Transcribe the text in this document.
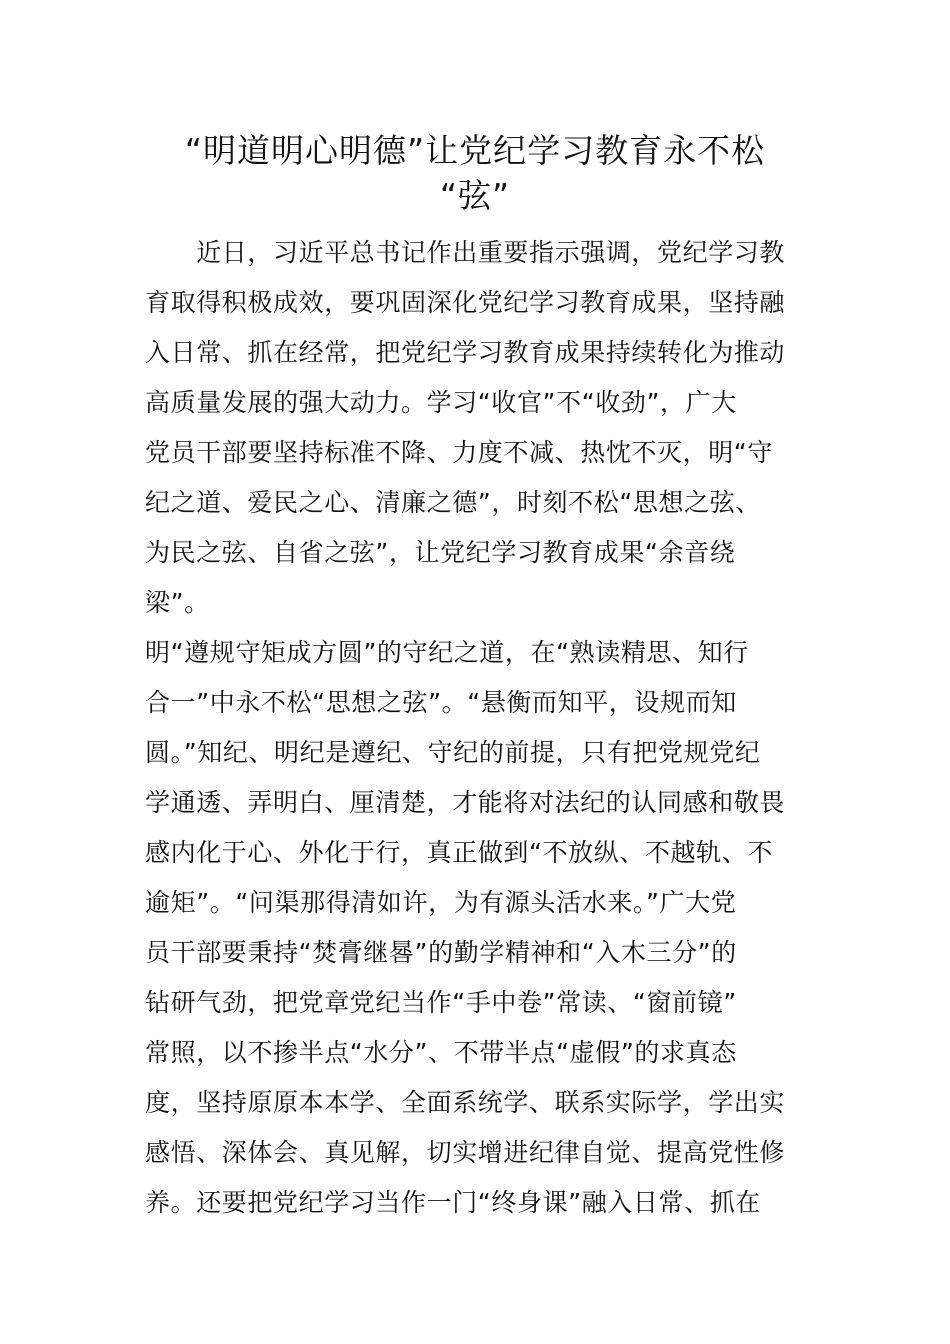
“明道明心明德”让党纪学习教育永不松
“弦”
　　近日，习近平总书记作出重要指示强调，党纪学习教
育取得积极成效，要巩固深化党纪学习教育成果，坚持融
入日常、抓在经常，把党纪学习教育成果持续转化为推动
高质量发展的强大动力。学习“收官”不“收劲”，广大
党员干部要坚持标准不降、力度不减、热忱不灭，明“守
纪之道、爱民之心、清廉之德”，时刻不松“思想之弦、
为民之弦、自省之弦”，让党纪学习教育成果“余音绕
梁”。
明“遵规守矩成方圆”的守纪之道，在“熟读精思、知行
合一”中永不松“思想之弦”。“悬衡而知平，设规而知
圆。”知纪、明纪是遵纪、守纪的前提，只有把党规党纪
学通透、弄明白、厘清楚，才能将对法纪的认同感和敬畏
感内化于心、外化于行，真正做到“不放纵、不越轨、不
逾矩”。“问渠那得清如许，为有源头活水来。”广大党
员干部要秉持“焚膏继晷”的勤学精神和“入木三分”的
钻研气劲，把党章党纪当作“手中卷”常读、“窗前镜”
常照，以不掺半点“水分”、不带半点“虚假”的求真态
度，坚持原原本本学、全面系统学、联系实际学，学出实
感悟、深体会、真见解，切实增进纪律自觉、提高党性修
养。还要把党纪学习当作一门“终身课”融入日常、抓在
